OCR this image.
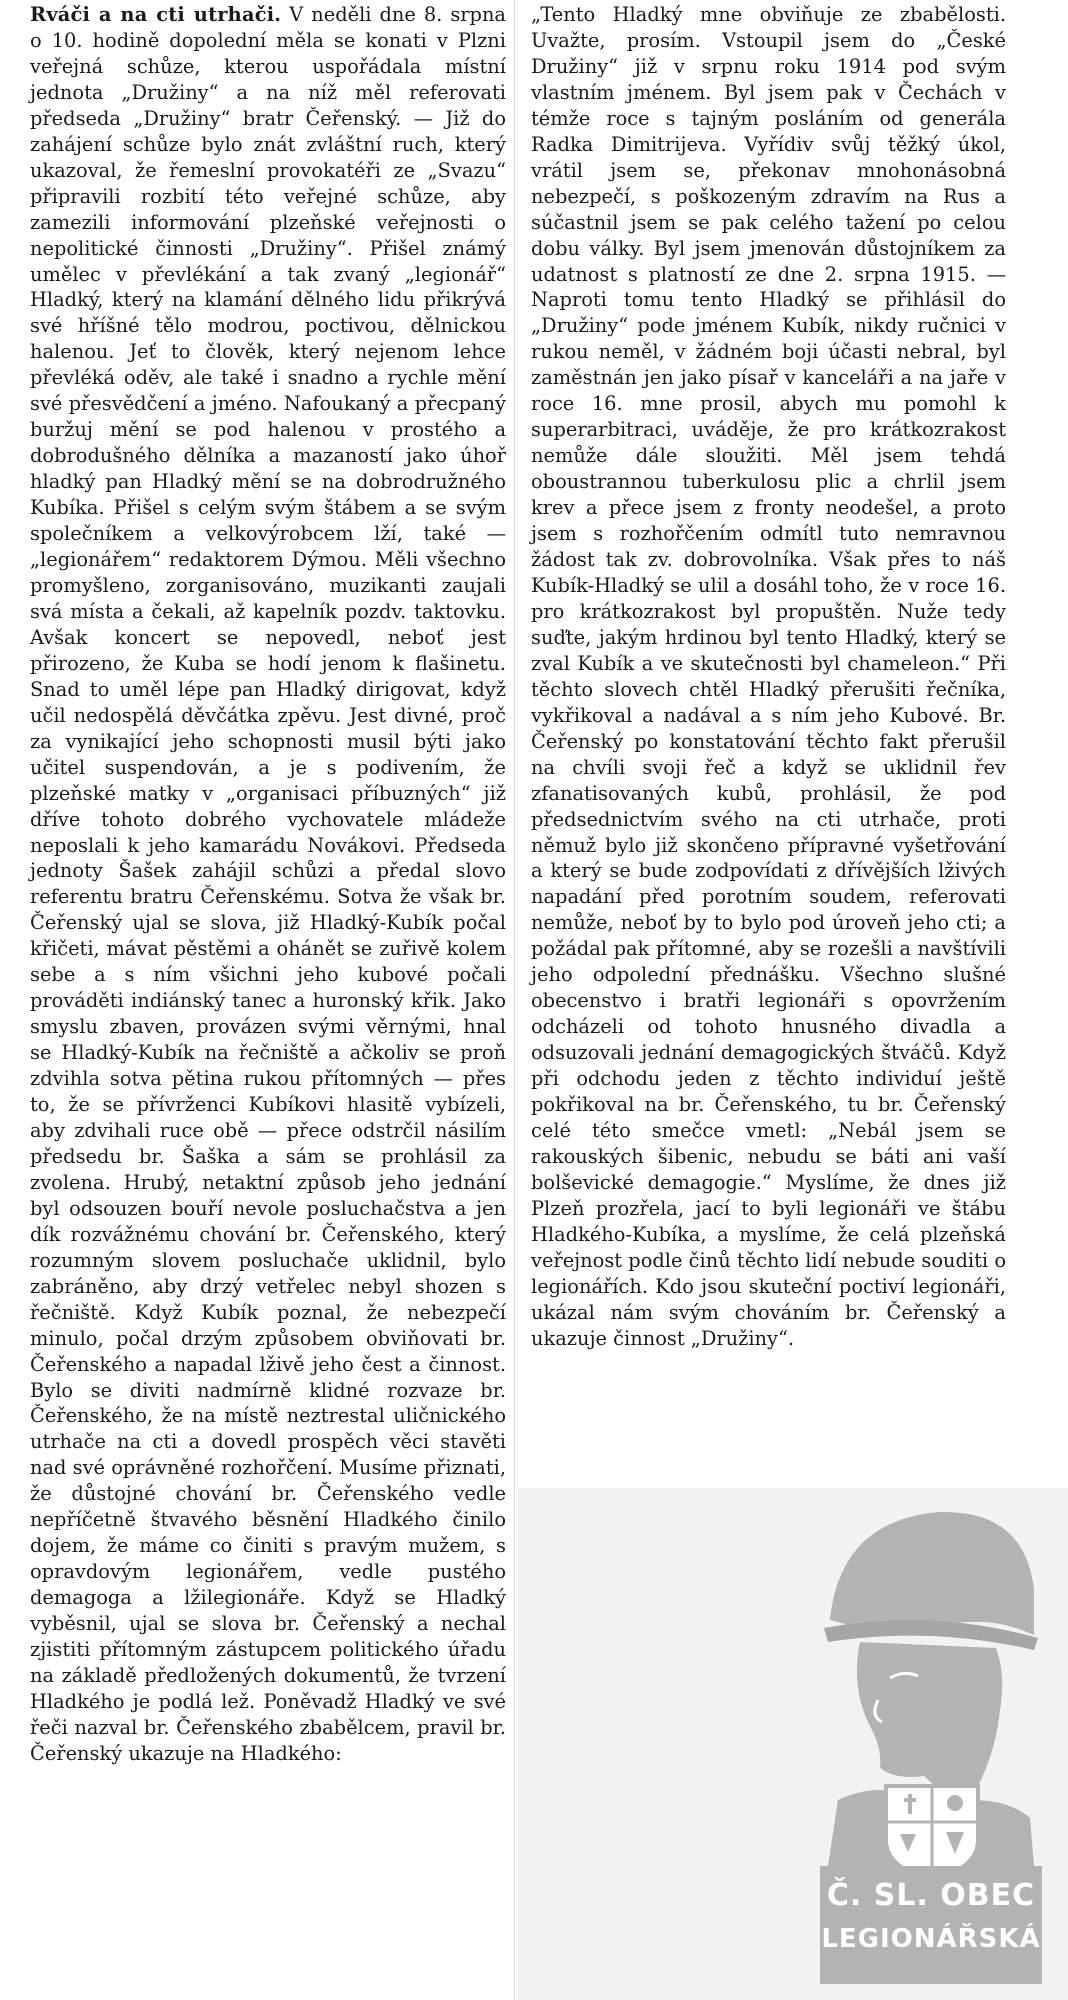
Rváči a na cti utrhači. V neděli dne 8. srpna o 10. hodině dopolední měla se konati v Plzni veřejná schůze, kterou uspořádala místní jednota „Družiny“ a na níž měl referovati předseda „Družiny“ bratr Čeřenský. — Již do zahájení schůze bylo znát zvláštní ruch, který ukazoval, že řemeslní provokatéři ze „Svazu“ připravili rozbití této veřejné schůze, aby zamezili informování plzeňské veřejnosti o nepolitické činnosti „Družiny“. Přišel známý umělec v převlékání a tak zvaný „legionář“ Hladký, který na klamání dělného lidu přikrývá své hříšné tělo modrou, poctivou, dělnickou halenou. Jeť to člověk, který nejenom lehce převléká oděv, ale také i snadno a rychle mění své přesvědčení a jméno. Nafoukaný a přecpaný buržuj mění se pod halenou v prostého a dobrodušného dělníka a mazaností jako úhoř hladký pan Hladký mění se na dobrodružného Kubíka. Přišel s celým svým štábem a se svým společníkem a velkovýrobcem lží, také — „legionářem“ redaktorem Dýmou. Měli všechno promyšleno, zorganisováno, muzikanti zaujali svá místa a čekali, až kapelník pozdv. taktovku. Avšak koncert se nepovedl, neboť jest přirozeno, že Kuba se hodí jenom k flašinetu. Snad to uměl lépe pan Hladký dirigovat, když učil nedospělá děvčátka zpěvu. Jest divné, proč za vynikající jeho schopnosti musil býti jako učitel suspendován, a je s podivením, že plzeňské matky v „organisaci příbuzných“ již dříve tohoto dobrého vychovatele mládeže neposlali k jeho kamarádu Novákovi. Předseda jednoty Šašek zahájil schůzi a předal slovo referentu bratru Čeřenskému. Sotva že však br. Čeřenský ujal se slova, již Hladký-Kubík počal křičeti, mávat pěstěmi a ohánět se zuřivě kolem sebe a s ním všichni jeho kubové počali prováděti indiánský tanec a huronský křik. Jako smyslu zbaven, provázen svými věrnými, hnal se Hladký-Kubík na řečniště a ačkoliv se proň zdvihla sotva pětina rukou přítomných — přes to, že se přívrženci Kubíkovi hlasitě vybízeli, aby zdvihali ruce obě — přece odstrčil násilím předsedu br. Šaška a sám se prohlásil za zvolena. Hrubý, netaktní způsob jeho jednání byl odsouzen bouří nevole posluchačstva a jen dík rozvážnému chování br. Čeřenského, který rozumným slovem posluchače uklidnil, bylo zabráněno, aby drzý vetřelec nebyl shozen s řečniště. Když Kubík poznal, že nebezpečí minulo, počal drzým způsobem obviňovati br. Čeřenského a napadal lživě jeho čest a činnost. Bylo se diviti nadmírně klidné rozvaze br. Čeřenského, že na místě neztrestal uličnického utrhače na cti a dovedl prospěch věci stavěti nad své oprávněné rozhořčení. Musíme přiznati, že důstojné chování br. Čeřenského vedle nepříčetně štvavého běsnění Hladkého činilo dojem, že máme co činiti s pravým mužem, s opravdovým legionářem, vedle pustého demagoga a lžilegionáře. Když se Hladký vyběsnil, ujal se slova br. Čeřenský a nechal zjistiti přítomným zástupcem politického úřadu na základě předložených dokumentů, že tvrzení Hladkého je podlá lež. Poněvadž Hladký ve své řeči nazval br. Čeřenského zbabělcem, pravil br. Čeřenský ukazuje na Hladkého:
„Tento Hladký mne obviňuje ze zbabělosti. Uvažte, prosím. Vstoupil jsem do „České Družiny“ již v srpnu roku 1914 pod svým vlastním jménem. Byl jsem pak v Čechách v témže roce s tajným posláním od generála Radka Dimitrijeva. Vyřídiv svůj těžký úkol, vrátil jsem se, překonav mnohonásobná nebezpečí, s poškozeným zdravím na Rus a súčastnil jsem se pak celého tažení po celou dobu války. Byl jsem jmenován důstojníkem za udatnost s platností ze dne 2. srpna 1915. — Naproti tomu tento Hladký se přihlásil do „Družiny“ pode jménem Kubík, nikdy ručnici v rukou neměl, v žádném boji účasti nebral, byl zaměstnán jen jako písař v kanceláři a na jaře v roce 16. mne prosil, abych mu pomohl k superarbitraci, uváděje, že pro krátkozrakost nemůže dále sloužiti. Měl jsem tehdá oboustrannou tuberkulosu plic a chrlil jsem krev a přece jsem z fronty neodešel, a proto jsem s rozhořčením odmítl tuto nemravnou žádost tak zv. dobrovolníka. Však přes to náš Kubík-Hladký se ulil a dosáhl toho, že v roce 16. pro krátkozrakost byl propuštěn. Nuže tedy suďte, jakým hrdinou byl tento Hladký, který se zval Kubík a ve skutečnosti byl chameleon.“ Při těchto slovech chtěl Hladký přerušiti řečníka, vykřikoval a nadával a s ním jeho Kubové. Br. Čeřenský po konstatování těchto fakt přerušil na chvíli svoji řeč a když se uklidnil řev zfanatisovaných kubů, prohlásil, že pod předsednictvím svého na cti utrhače, proti němuž bylo již skončeno přípravné vyšetřování a který se bude zodpovídati z dřívějších lživých napadání před porotním soudem, referovati nemůže, neboť by to bylo pod úroveň jeho cti; a požádal pak přítomné, aby se rozešli a navštívili jeho odpolední přednášku. Všechno slušné obecenstvo i bratři legionáři s opovržením odcházeli od tohoto hnusného divadla a odsuzovali jednání demagogických štváčů. Když při odchodu jeden z těchto individuí ještě pokřikoval na br. Čeřenského, tu br. Čeřenský celé této smečce vmetl: „Nebál jsem se rakouských šibenic, nebudu se báti ani vaší bolševické demagogie.“ Myslíme, že dnes již Plzeň prozřela, jací to byli legionáři ve štábu Hladkého-Kubíka, a myslíme, že celá plzeňská veřejnost podle činů těchto lidí nebude souditi o legionářích. Kdo jsou skuteční poctiví legionáři, ukázal nám svým chováním br. Čeřenský a ukazuje činnost „Družiny“.
Č. SL. OBEC
LEGIONÁŘSKÁ
